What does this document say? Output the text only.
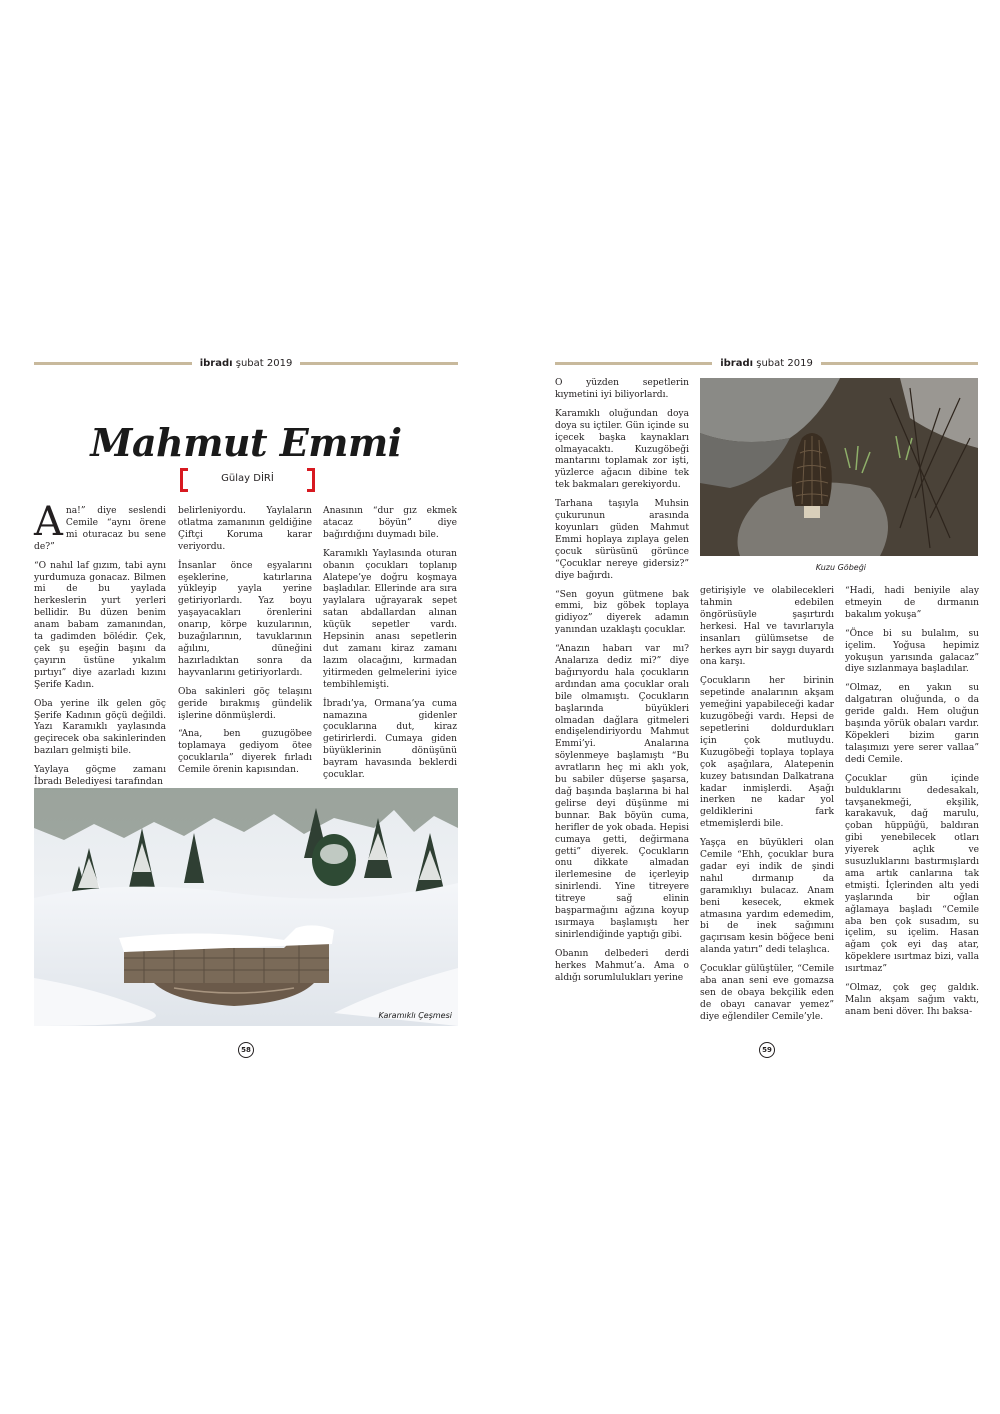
ibradı şubat 2019
Mahmut Emmi
Gülay DİRİ

Ana!” diye seslendi Cemile “aynı örene mi oturacaz bu sene de?”

“O nahıl laf gızım, tabi aynı yurdumuza gonacaz. Bilmen mi de bu yaylada herkeslerin yurt yerleri bellidir. Bu düzen benim anam babam zamanından, ta gadimden bölédir. Çek, çek şu eşeğin başını da çayırın üstüne yıkalım pırtıyı” diye azarladı kızını Şerife Kadın.

Oba yerine ilk gelen göç Şerife Kadının göçü değildi. Yazı Karamıklı yaylasında geçirecek oba sakinlerinden bazıları gelmişti bile.

Yaylaya göçme zamanı İbradı Belediyesi tarafından

belirleniyordu. Yaylaların otlatma zamanının geldiğine Çiftçi Koruma karar veriyordu.

İnsanlar önce eşyalarını eşeklerine, katırlarına yükleyip yayla yerine getiriyorlardı. Yaz boyu yaşayacakları örenlerini onarıp, körpe kuzularının, buzağılarının, tavuklarının ağılını, düneğini hazırladıktan sonra da hayvanlarını getiriyorlardı.

Oba sakinleri göç telaşını geride bırakmış gündelik işlerine dönmüşlerdi.

“Ana, ben guzugöbee toplamaya gediyom ötee çocuklarıla” diyerek fırladı Cemile örenin kapısından.

Anasının “dur gız ekmek atacaz böyün” diye bağırdığını duymadı bile.

Karamıklı Yaylasında oturan obanın çocukları toplanıp Alatepe’ye doğru koşmaya başladılar. Ellerinde ara sıra yaylalara uğrayarak sepet satan abdallardan alınan küçük sepetler vardı. Hepsinin anası sepetlerin dut zamanı kiraz zamanı lazım olacağını, kırmadan yitirmeden gelmelerini iyice tembihlemişti.

İbradı’ya, Ormana’ya cuma namazına gidenler çocuklarına dut, kiraz getirirlerdi. Cumaya giden büyüklerinin dönüşünü bayram havasında beklerdi çocuklar.

Karamıklı Çeşmesi
58
ibradı şubat 2019

O yüzden sepetlerin kıymetini iyi biliyorlardı.

Karamıklı oluğundan doya doya su içtiler. Gün içinde su içecek başka kaynakları olmayacaktı. Kuzugöbeği mantarını toplamak zor işti, yüzlerce ağacın dibine tek tek bakmaları gerekiyordu.

Tarhana taşıyla Muhsin çukurunun arasında koyunları güden Mahmut Emmi hoplaya zıplaya gelen çocuk sürüsünü görünce “Çocuklar nereye gidersiz?” diye bağırdı.

“Sen goyun gütmene bak emmi, biz göbek toplaya gidiyoz” diyerek adamın yanından uzaklaştı çocuklar.

“Anazın habarı var mı? Analarıza dediz mi?” diye bağırıyordu hala çocukların ardından ama çocuklar oralı bile olmamıştı. Çocukların başlarında büyükleri olmadan dağlara gitmeleri endişelendiriyordu Mahmut Emmi’yi. Analarına söylenmeye başlamıştı “Bu avratların heç mi aklı yok, bu sabiler düşerse şaşarsa, dağ başında başlarına bi hal gelirse deyi düşünme mi bunnar. Bak böyün cuma, herifler de yok obada. Hepisi cumaya getti, değirmana getti” diyerek. Çocukların onu dikkate almadan ilerlemesine de içerleyip sinirlendi. Yine titreyere titreye sağ elinin başparmağını ağzına koyup ısırmaya başlamıştı her sinirlendiğinde yaptığı gibi.

Obanın delbederi derdi herkes Mahmut’a. Ama o aldığı sorumlulukları yerine

Kuzu Göbeği

getirişiyle ve olabilecekleri tahmin edebilen öngörüsüyle şaşırtırdı herkesi. Hal ve tavırlarıyla insanları gülümsetse de herkes ayrı bir saygı duyardı ona karşı.

Çocukların her birinin sepetinde analarının akşam yemeğini yapabileceği kadar kuzugöbeği vardı. Hepsi de sepetlerini doldurdukları için çok mutluydu. Kuzugöbeği toplaya toplaya çok aşağılara, Alatepenin kuzey batısından Dalkatrana kadar inmişlerdi. Aşağı inerken ne kadar yol geldiklerini fark etmemişlerdi bile.

Yaşça en büyükleri olan Cemile “Ehh, çocuklar bura gadar eyi indik de şindi nahıl dırmanıp da garamıklıyı bulacaz. Anam beni kesecek, ekmek atmasına yardım edemedim, bi de inek sağımını gaçırısam kesin böğece beni alanda yatırı” dedi telaşlıca.

Çocuklar gülüştüler, “Cemile aba anan seni eve gomazsa sen de obaya bekçilik eden de obayı canavar yemez” diye eğlendiler Cemile’yle.

“Hadi, hadi beniyile alay etmeyin de dırmanın bakalım yokuşa”

“Önce bi su bulalım, su içelim. Yoğusa hepimiz yokuşun yarısında galacaz” diye sızlanmaya başladılar.

“Olmaz, en yakın su dalgatıran oluğunda, o da geride galdı. Hem oluğun başında yörük obaları vardır. Köpekleri bizim garın talaşımızı yere serer vallaa” dedi Cemile.

Çocuklar gün içinde bulduklarını dedesakalı, tavşanekmeği, ekşilik, karakavuk, dağ marulu, çoban hüppüğü, baldıran gibi yenebilecek otları yiyerek açlık ve susuzluklarını bastırmışlardı ama artık canlarına tak etmişti. İçlerinden altı yedi yaşlarında bir oğlan ağlamaya başladı “Cemile aba ben çok susadım, su içelim, su içelim. Hasan ağam çok eyi daş atar, köpeklere ısırtmaz bizi, valla ısırtmaz”

“Olmaz, çok geç galdık. Malın akşam sağım vaktı, anam beni döver. Ihı baksa-

59
